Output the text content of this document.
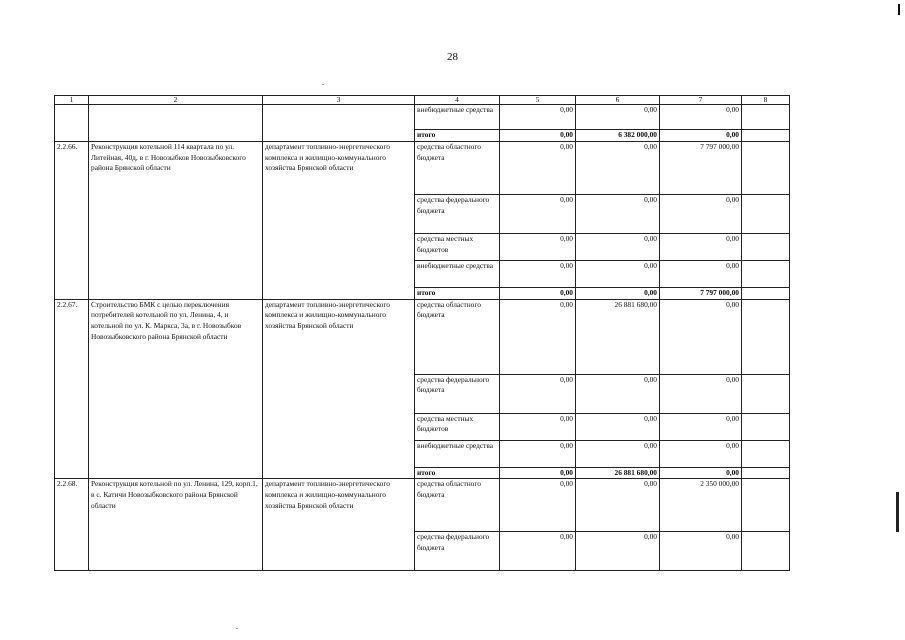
28
1	2	3	4	5	6	7	8
			внебюджетные средства	0,00	0,00	0,00	
			итого	0,00	6 382 000,00	0,00	
2.2.66.	Реконструкция котельной 114 квартала по ул. Литейная, 40д, в г. Новозыбков Новозыбковского района Брянской области	департамент топливно-энергетического комплекса и жилищно-коммунального хозяйства Брянской области	средства областного бюджета	0,00	0,00	7 797 000,00	
			средства федерального бюджета	0,00	0,00	0,00	
			средства местных бюджетов	0,00	0,00	0,00	
			внебюджетные средства	0,00	0,00	0,00	
			итого	0,00	0,00	7 797 000,00	
2.2.67.	Строительство БМК с целью переключения потребителей котельной по ул. Ленина, 4, и котельной по ул. К. Маркса, 3а, в г. Новозыбков Новозыбковского района Брянской области	департамент топливно-энергетического комплекса и жилищно-коммунального хозяйства Брянской области	средства областного бюджета	0,00	26 881 680,00	0,00	
			средства федерального бюджета	0,00	0,00	0,00	
			средства местных бюджетов	0,00	0,00	0,00	
			внебюджетные средства	0,00	0,00	0,00	
			итого	0,00	26 881 680,00	0,00	
2.2.68.	Реконструкция котельной по ул. Ленина, 129, корп.1, в с. Катичи Новозыбковского района Брянской области	департамент топливно-энергетического комплекса и жилищно-коммунального хозяйства Брянской области	средства областного бюджета	0,00	0,00	2 350 000,00	
			средства федерального бюджета	0,00	0,00	0,00	
